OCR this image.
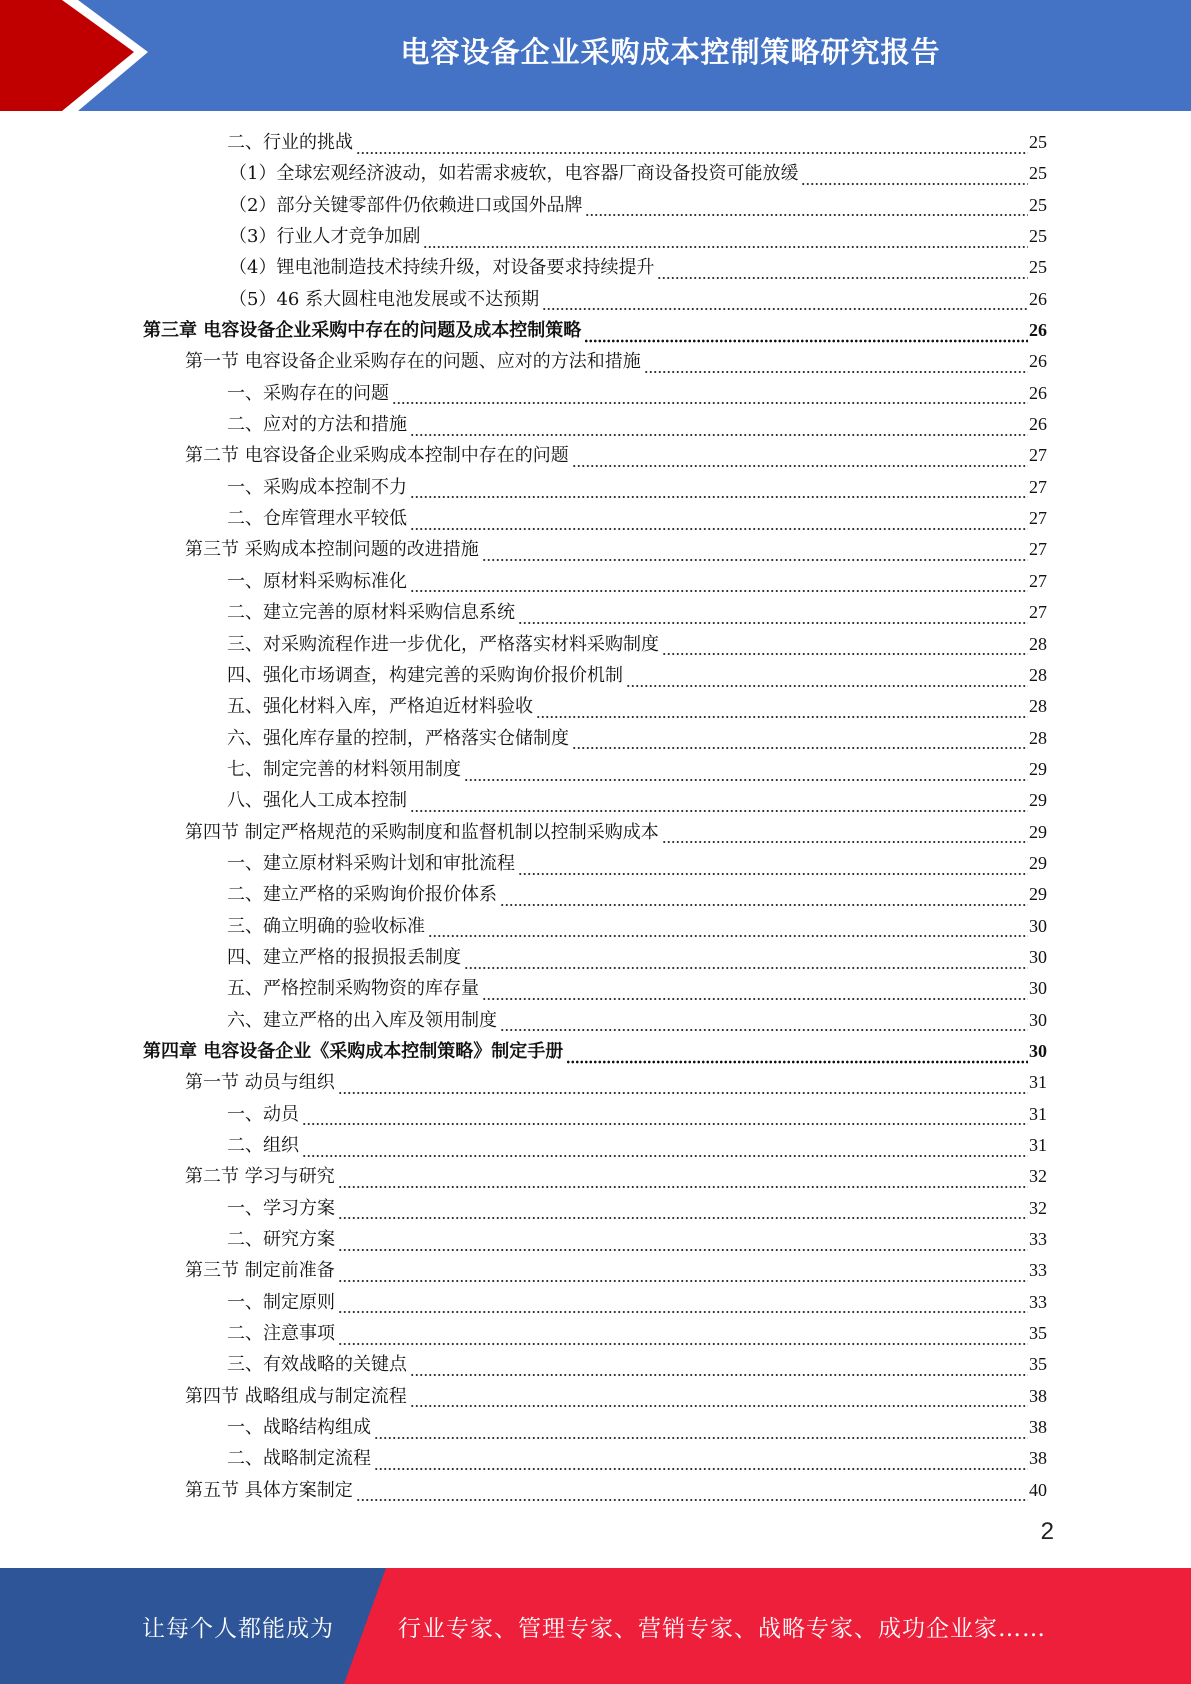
电容设备企业采购成本控制策略研究报告
二、行业的挑战	25
（1）全球宏观经济波动，如若需求疲软，电容器厂商设备投资可能放缓	25
（2）部分关键零部件仍依赖进口或国外品牌	25
（3）行业人才竞争加剧	25
（4）锂电池制造技术持续升级，对设备要求持续提升	25
（5）46 系大圆柱电池发展或不达预期	26
第三章 电容设备企业采购中存在的问题及成本控制策略	26
第一节 电容设备企业采购存在的问题、应对的方法和措施	26
一、采购存在的问题	26
二、应对的方法和措施	26
第二节 电容设备企业采购成本控制中存在的问题	27
一、采购成本控制不力	27
二、仓库管理水平较低	27
第三节 采购成本控制问题的改进措施	27
一、原材料采购标准化	27
二、建立完善的原材料采购信息系统	27
三、对采购流程作进一步优化，严格落实材料采购制度	28
四、强化市场调查，构建完善的采购询价报价机制	28
五、强化材料入库，严格迫近材料验收	28
六、强化库存量的控制，严格落实仓储制度	28
七、制定完善的材料领用制度	29
八、强化人工成本控制	29
第四节 制定严格规范的采购制度和监督机制以控制采购成本	29
一、建立原材料采购计划和审批流程	29
二、建立严格的采购询价报价体系	29
三、确立明确的验收标准	30
四、建立严格的报损报丢制度	30
五、严格控制采购物资的库存量	30
六、建立严格的出入库及领用制度	30
第四章 电容设备企业《采购成本控制策略》制定手册	30
第一节 动员与组织	31
一、动员	31
二、组织	31
第二节 学习与研究	32
一、学习方案	32
二、研究方案	33
第三节 制定前准备	33
一、制定原则	33
二、注意事项	35
三、有效战略的关键点	35
第四节 战略组成与制定流程	38
一、战略结构组成	38
二、战略制定流程	38
第五节 具体方案制定	40
2
让每个人都能成为	行业专家、管理专家、营销专家、战略专家、成功企业家……
